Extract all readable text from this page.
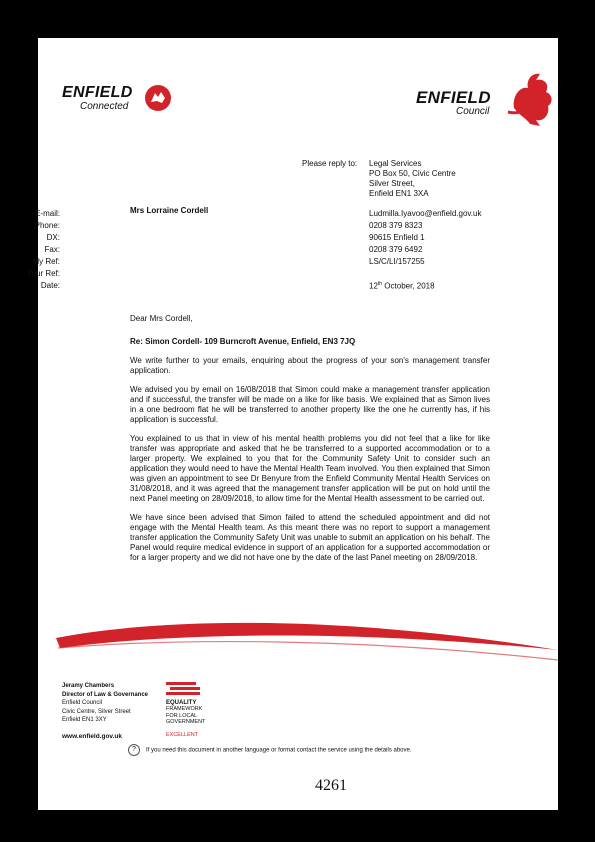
ENFIELD
Connected	ENFIELD
Council
Please reply to: Legal Services
PO Box 50, Civic Centre
Silver Street,
Enfield EN1 3XA
Mrs Lorraine Cordell
E-mail:	Ludmilla.Iyavoo@enfield.gov.uk
Phone:	0208 379 8323
DX:	90615 Enfield 1
Fax:	0208 379 6492
My Ref:	LS/C/LI/157255
Your Ref:
Date:	12th October, 2018
Dear Mrs Cordell,
Re: Simon Cordell- 109 Burncroft Avenue, Enfield, EN3 7JQ

We write further to your emails, enquiring about the progress of your son's management transfer application.

We advised you by email on 16/08/2018 that Simon could make a management transfer application and if successful, the transfer will be made on a like for like basis. We explained that as Simon lives in a one bedroom flat he will be transferred to another property like the one he currently has, if his application is successful.

You explained to us that in view of his mental health problems you did not feel that a like for like transfer was appropriate and asked that he be transferred to a supported accommodation or to a larger property. We explained to you that for the Community Safety Unit to consider such an application they would need to have the Mental Health Team involved. You then explained that Simon was given an appointment to see Dr Benyure from the Enfield Community Mental Health Services on 31/08/2018, and it was agreed that the management transfer application will be put on hold until the next Panel meeting on 28/09/2018, to allow time for the Mental Health assessment to be carried out.

We have since been advised that Simon failed to attend the scheduled appointment and did not engage with the Mental Health team. As this meant there was no report to support a management transfer application the Community Safety Unit was unable to submit an application on his behalf. The Panel would require medical evidence in support of an application for a supported accommodation or for a larger property and we did not have one by the date of the last Panel meeting on 28/09/2018.

Jeramy Chambers
Director of Law & Governance
Enfield Council
Civic Centre, Silver Street
Enfield EN1 3XY
www.enfield.gov.uk
EQUALITY
FRAMEWORK
FOR LOCAL
GOVERNMENT
EXCELLENT
? If you need this document in another language or format contact the service using the details above.
4261
